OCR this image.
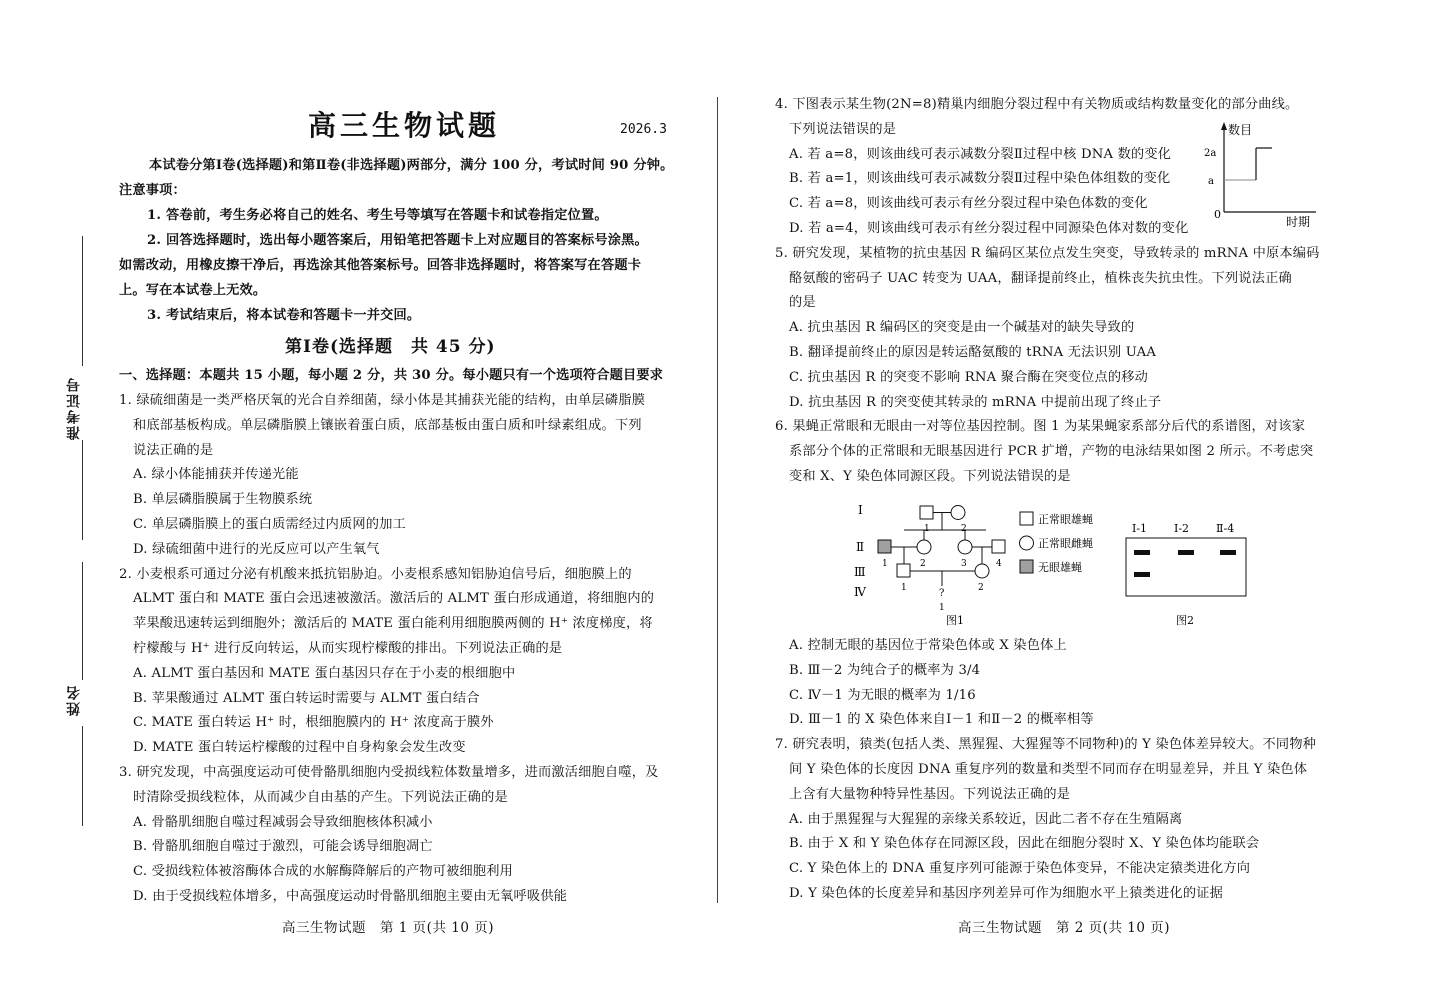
准考证号
姓名
高三生物试题	2026.3
本试卷分第Ⅰ卷(选择题)和第Ⅱ卷(非选择题)两部分，满分 100 分，考试时间 90 分钟。
注意事项：
1. 答卷前，考生务必将自己的姓名、考生号等填写在答题卡和试卷指定位置。
2. 回答选择题时，选出每小题答案后，用铅笔把答题卡上对应题目的答案标号涂黑。
如需改动，用橡皮擦干净后，再选涂其他答案标号。回答非选择题时，将答案写在答题卡
上。写在本试卷上无效。
3. 考试结束后，将本试卷和答题卡一并交回。
第Ⅰ卷(选择题　共 45 分)
一、选择题：本题共 15 小题，每小题 2 分，共 30 分。每小题只有一个选项符合题目要求
1. 绿硫细菌是一类严格厌氧的光合自养细菌，绿小体是其捕获光能的结构，由单层磷脂膜
和底部基板构成。单层磷脂膜上镶嵌着蛋白质，底部基板由蛋白质和叶绿素组成。下列
说法正确的是
A. 绿小体能捕获并传递光能
B. 单层磷脂膜属于生物膜系统
C. 单层磷脂膜上的蛋白质需经过内质网的加工
D. 绿硫细菌中进行的光反应可以产生氧气
2. 小麦根系可通过分泌有机酸来抵抗铝胁迫。小麦根系感知铝胁迫信号后，细胞膜上的
ALMT 蛋白和 MATE 蛋白会迅速被激活。激活后的 ALMT 蛋白形成通道，将细胞内的
苹果酸迅速转运到细胞外；激活后的 MATE 蛋白能利用细胞膜两侧的 H⁺ 浓度梯度，将
柠檬酸与 H⁺ 进行反向转运，从而实现柠檬酸的排出。下列说法正确的是
A. ALMT 蛋白基因和 MATE 蛋白基因只存在于小麦的根细胞中
B. 苹果酸通过 ALMT 蛋白转运时需要与 ALMT 蛋白结合
C. MATE 蛋白转运 H⁺ 时，根细胞膜内的 H⁺ 浓度高于膜外
D. MATE 蛋白转运柠檬酸的过程中自身构象会发生改变
3. 研究发现，中高强度运动可使骨骼肌细胞内受损线粒体数量增多，进而激活细胞自噬，及
时清除受损线粒体，从而减少自由基的产生。下列说法正确的是
A. 骨骼肌细胞自噬过程减弱会导致细胞核体积减小
B. 骨骼肌细胞自噬过于激烈，可能会诱导细胞凋亡
C. 受损线粒体被溶酶体合成的水解酶降解后的产物可被细胞利用
D. 由于受损线粒体增多，中高强度运动时骨骼肌细胞主要由无氧呼吸供能
4. 下图表示某生物(2N=8)精巢内细胞分裂过程中有关物质或结构数量变化的部分曲线。
下列说法错误的是
A. 若 a=8，则该曲线可表示减数分裂Ⅱ过程中核 DNA 数的变化
B. 若 a=1，则该曲线可表示减数分裂Ⅱ过程中染色体组数的变化
C. 若 a=8，则该曲线可表示有丝分裂过程中染色体数的变化
D. 若 a=4，则该曲线可表示有丝分裂过程中同源染色体对数的变化
5. 研究发现，某植物的抗虫基因 R 编码区某位点发生突变，导致转录的 mRNA 中原本编码
酪氨酸的密码子 UAC 转变为 UAA，翻译提前终止，植株丧失抗虫性。下列说法正确
的是
A. 抗虫基因 R 编码区的突变是由一个碱基对的缺失导致的
B. 翻译提前终止的原因是转运酪氨酸的 tRNA 无法识别 UAA
C. 抗虫基因 R 的突变不影响 RNA 聚合酶在突变位点的移动
D. 抗虫基因 R 的突变使其转录的 mRNA 中提前出现了终止子
6. 果蝇正常眼和无眼由一对等位基因控制。图 1 为某果蝇家系部分后代的系谱图，对该家
系部分个体的正常眼和无眼基因进行 PCR 扩增，产物的电泳结果如图 2 所示。不考虑突
变和 X、Y 染色体同源区段。下列说法错误的是
数目
2a
a
0
时期
Ⅰ
Ⅱ
Ⅲ
Ⅳ
1	2
1	2	3	4
1	2
?
1
正常眼雄蝇
正常眼雌蝇
无眼雄蝇
图1
Ⅰ-1 Ⅰ-2 Ⅱ-4
图2
A. 控制无眼的基因位于常染色体或 X 染色体上
B. Ⅲ－2 为纯合子的概率为 3/4
C. Ⅳ－1 为无眼的概率为 1/16
D. Ⅲ－1 的 X 染色体来自Ⅰ－1 和Ⅱ－2 的概率相等
7. 研究表明，猿类(包括人类、黑猩猩、大猩猩等不同物种)的 Y 染色体差异较大。不同物种
间 Y 染色体的长度因 DNA 重复序列的数量和类型不同而存在明显差异，并且 Y 染色体
上含有大量物种特异性基因。下列说法正确的是
A. 由于黑猩猩与大猩猩的亲缘关系较近，因此二者不存在生殖隔离
B. 由于 X 和 Y 染色体存在同源区段，因此在细胞分裂时 X、Y 染色体均能联会
C. Y 染色体上的 DNA 重复序列可能源于染色体变异，不能决定猿类进化方向
D. Y 染色体的长度差异和基因序列差异可作为细胞水平上猿类进化的证据
高三生物试题　第 1 页(共 10 页)	高三生物试题　第 2 页(共 10 页)
